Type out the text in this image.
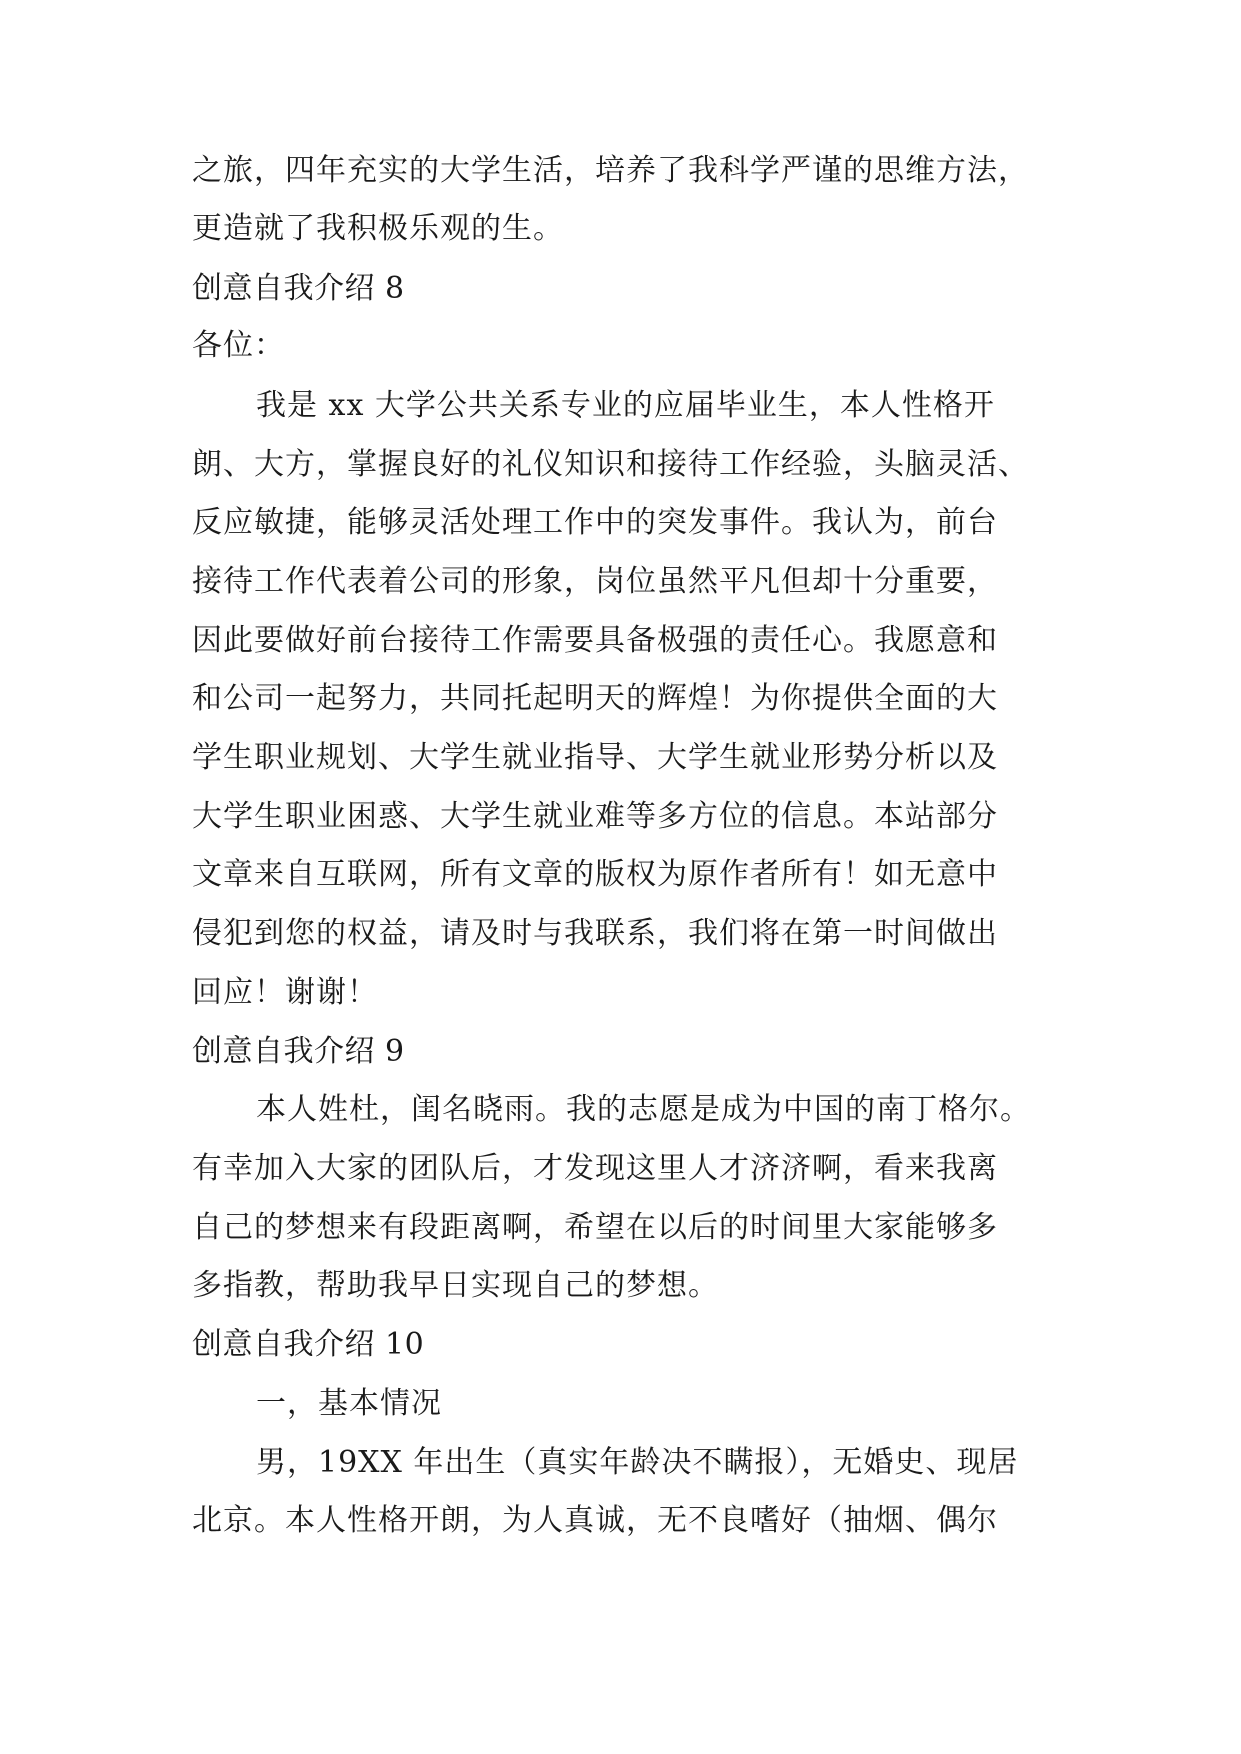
之旅，四年充实的大学生活，培养了我科学严谨的思维方法，
更造就了我积极乐观的生。
创意自我介绍 8
各位：
我是 xx 大学公共关系专业的应届毕业生，本人性格开
朗、大方，掌握良好的礼仪知识和接待工作经验，头脑灵活、
反应敏捷，能够灵活处理工作中的突发事件。我认为，前台
接待工作代表着公司的形象，岗位虽然平凡但却十分重要，
因此要做好前台接待工作需要具备极强的责任心。我愿意和
和公司一起努力，共同托起明天的辉煌！为你提供全面的大
学生职业规划、大学生就业指导、大学生就业形势分析以及
大学生职业困惑、大学生就业难等多方位的信息。本站部分
文章来自互联网，所有文章的版权为原作者所有！如无意中
侵犯到您的权益，请及时与我联系，我们将在第一时间做出
回应！谢谢！
创意自我介绍 9
本人姓杜，闺名晓雨。我的志愿是成为中国的南丁格尔。
有幸加入大家的团队后，才发现这里人才济济啊，看来我离
自己的梦想来有段距离啊，希望在以后的时间里大家能够多
多指教，帮助我早日实现自己的梦想。
创意自我介绍 10
一，基本情况
男，19XX 年出生（真实年龄决不瞒报），无婚史、现居
北京。本人性格开朗，为人真诚，无不良嗜好（抽烟、偶尔
